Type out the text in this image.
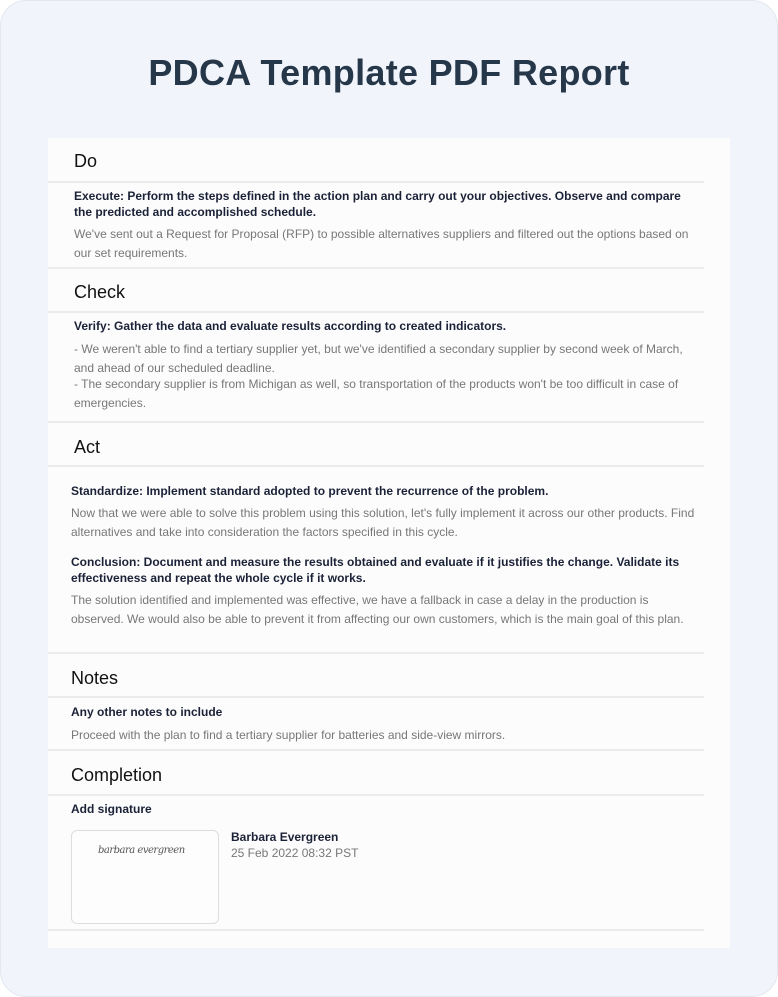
PDCA Template PDF Report
Do
Execute: Perform the steps defined in the action plan and carry out your objectives. Observe and compare the predicted and accomplished schedule.
We've sent out a Request for Proposal (RFP) to possible alternatives suppliers and filtered out the options based on our set requirements.
Check
Verify: Gather the data and evaluate results according to created indicators.
- We weren't able to find a tertiary supplier yet, but we've identified a secondary supplier by second week of March, and ahead of our scheduled deadline.
- The secondary supplier is from Michigan as well, so transportation of the products won't be too difficult in case of emergencies.
Act
Standardize: Implement standard adopted to prevent the recurrence of the problem.
Now that we were able to solve this problem using this solution, let's fully implement it across our other products. Find alternatives and take into consideration the factors specified in this cycle.
Conclusion: Document and measure the results obtained and evaluate if it justifies the change. Validate its effectiveness and repeat the whole cycle if it works.
The solution identified and implemented was effective, we have a fallback in case a delay in the production is observed. We would also be able to prevent it from affecting our own customers, which is the main goal of this plan.
Notes
Any other notes to include
Proceed with the plan to find a tertiary supplier for batteries and side-view mirrors.
Completion
Add signature
barbara evergreen
Barbara Evergreen
25 Feb 2022 08:32 PST
